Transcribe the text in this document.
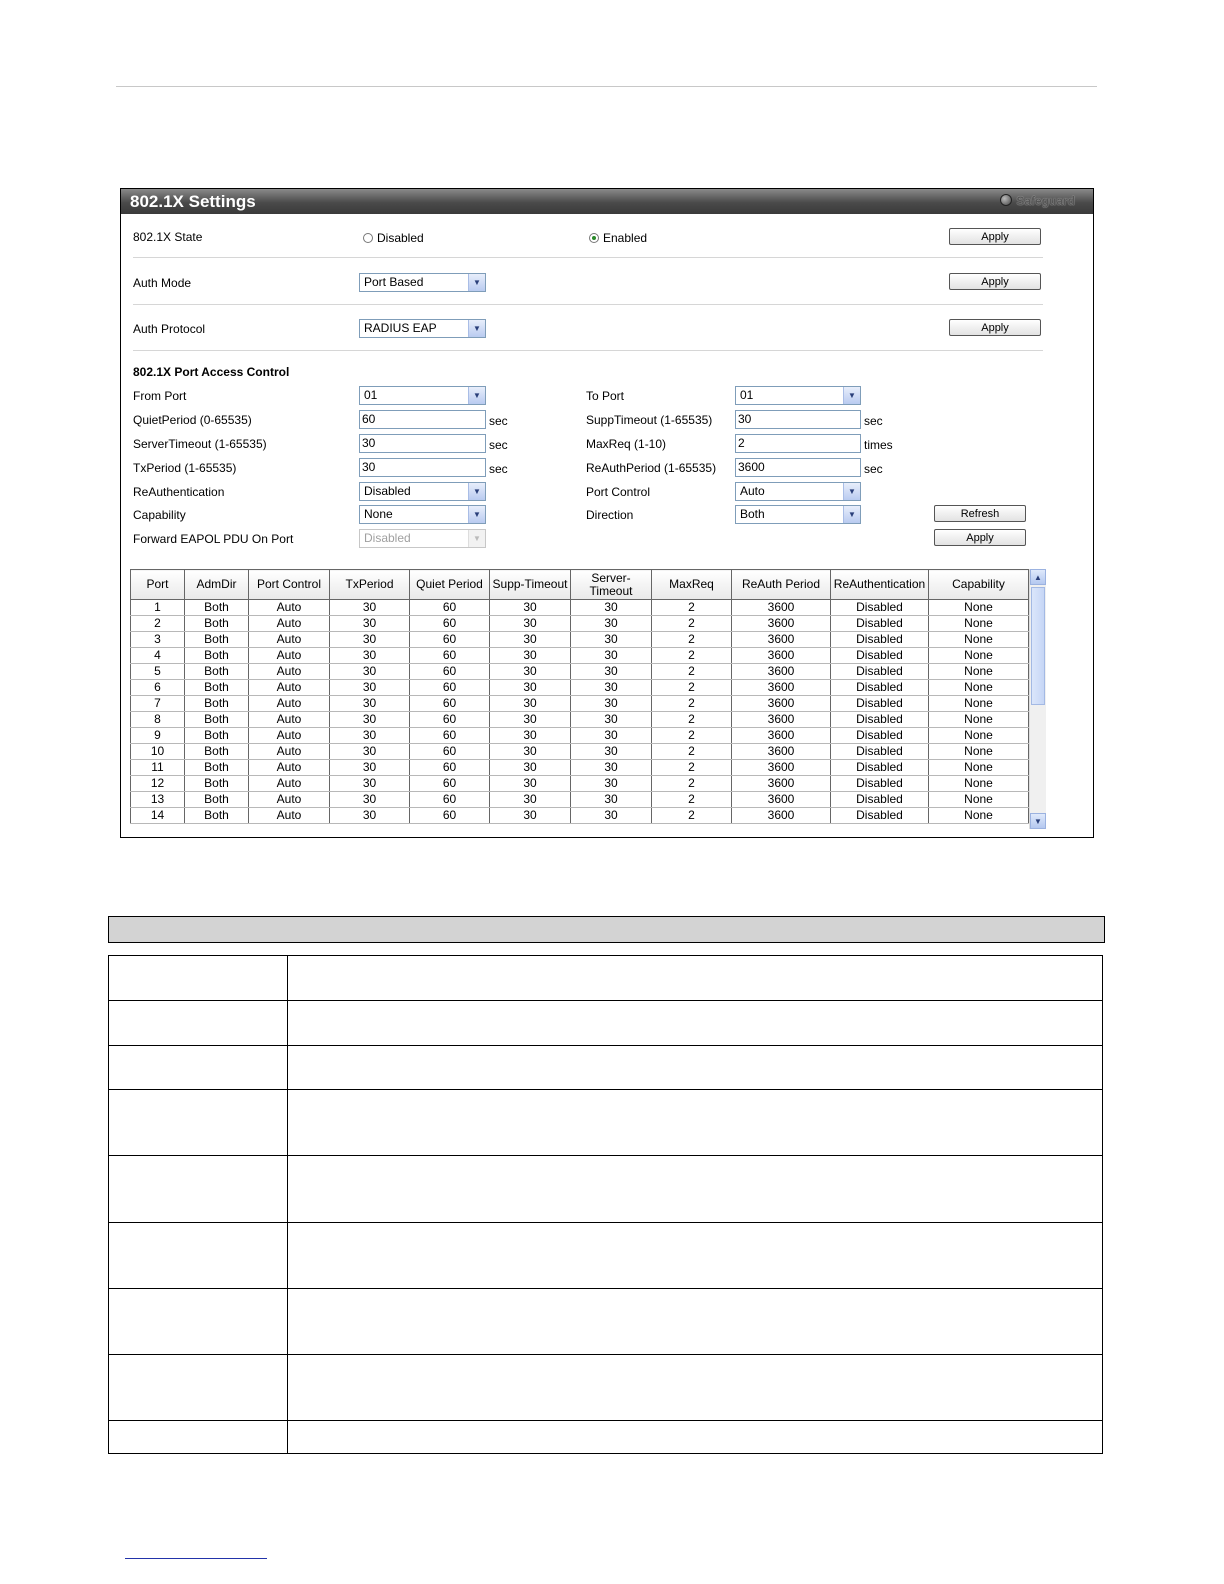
802.1X Settings	Safeguard
802.1X State	Disabled	Enabled	Apply
Auth Mode	Port Based	▼	Apply
Auth Protocol	RADIUS EAP	▼	Apply
802.1X Port Access Control
From Port	01	▼	To Port	01	▼
QuietPeriod (0-65535)	60	sec	SuppTimeout (1-65535) 30	sec
ServerTimeout (1-65535)	30	sec	MaxReq (1-10)	2	times
TxPeriod (1-65535)	30	sec	ReAuthPeriod (1-65535) 3600	sec
ReAuthentication	Disabled	▼	Port Control	Auto	▼
Capability	None	▼	Direction	Both	▼	Refresh
Forward EAPOL PDU On Port	Disabled	▼	Apply
Port	AdmDir	Port Control	TxPeriod	Quiet Period	Supp-Timeout	Server-Timeout	MaxReq	ReAuth Period	ReAuthentication	Capability
1	Both	Auto	30	60	30	30	2	3600	Disabled	None
2	Both	Auto	30	60	30	30	2	3600	Disabled	None
3	Both	Auto	30	60	30	30	2	3600	Disabled	None
4	Both	Auto	30	60	30	30	2	3600	Disabled	None
5	Both	Auto	30	60	30	30	2	3600	Disabled	None
6	Both	Auto	30	60	30	30	2	3600	Disabled	None
7	Both	Auto	30	60	30	30	2	3600	Disabled	None
8	Both	Auto	30	60	30	30	2	3600	Disabled	None
9	Both	Auto	30	60	30	30	2	3600	Disabled	None
10	Both	Auto	30	60	30	30	2	3600	Disabled	None
11	Both	Auto	30	60	30	30	2	3600	Disabled	None
12	Both	Auto	30	60	30	30	2	3600	Disabled	None
13	Both	Auto	30	60	30	30	2	3600	Disabled	None
14	Both	Auto	30	60	30	30	2	3600	Disabled	None
▲
▼
